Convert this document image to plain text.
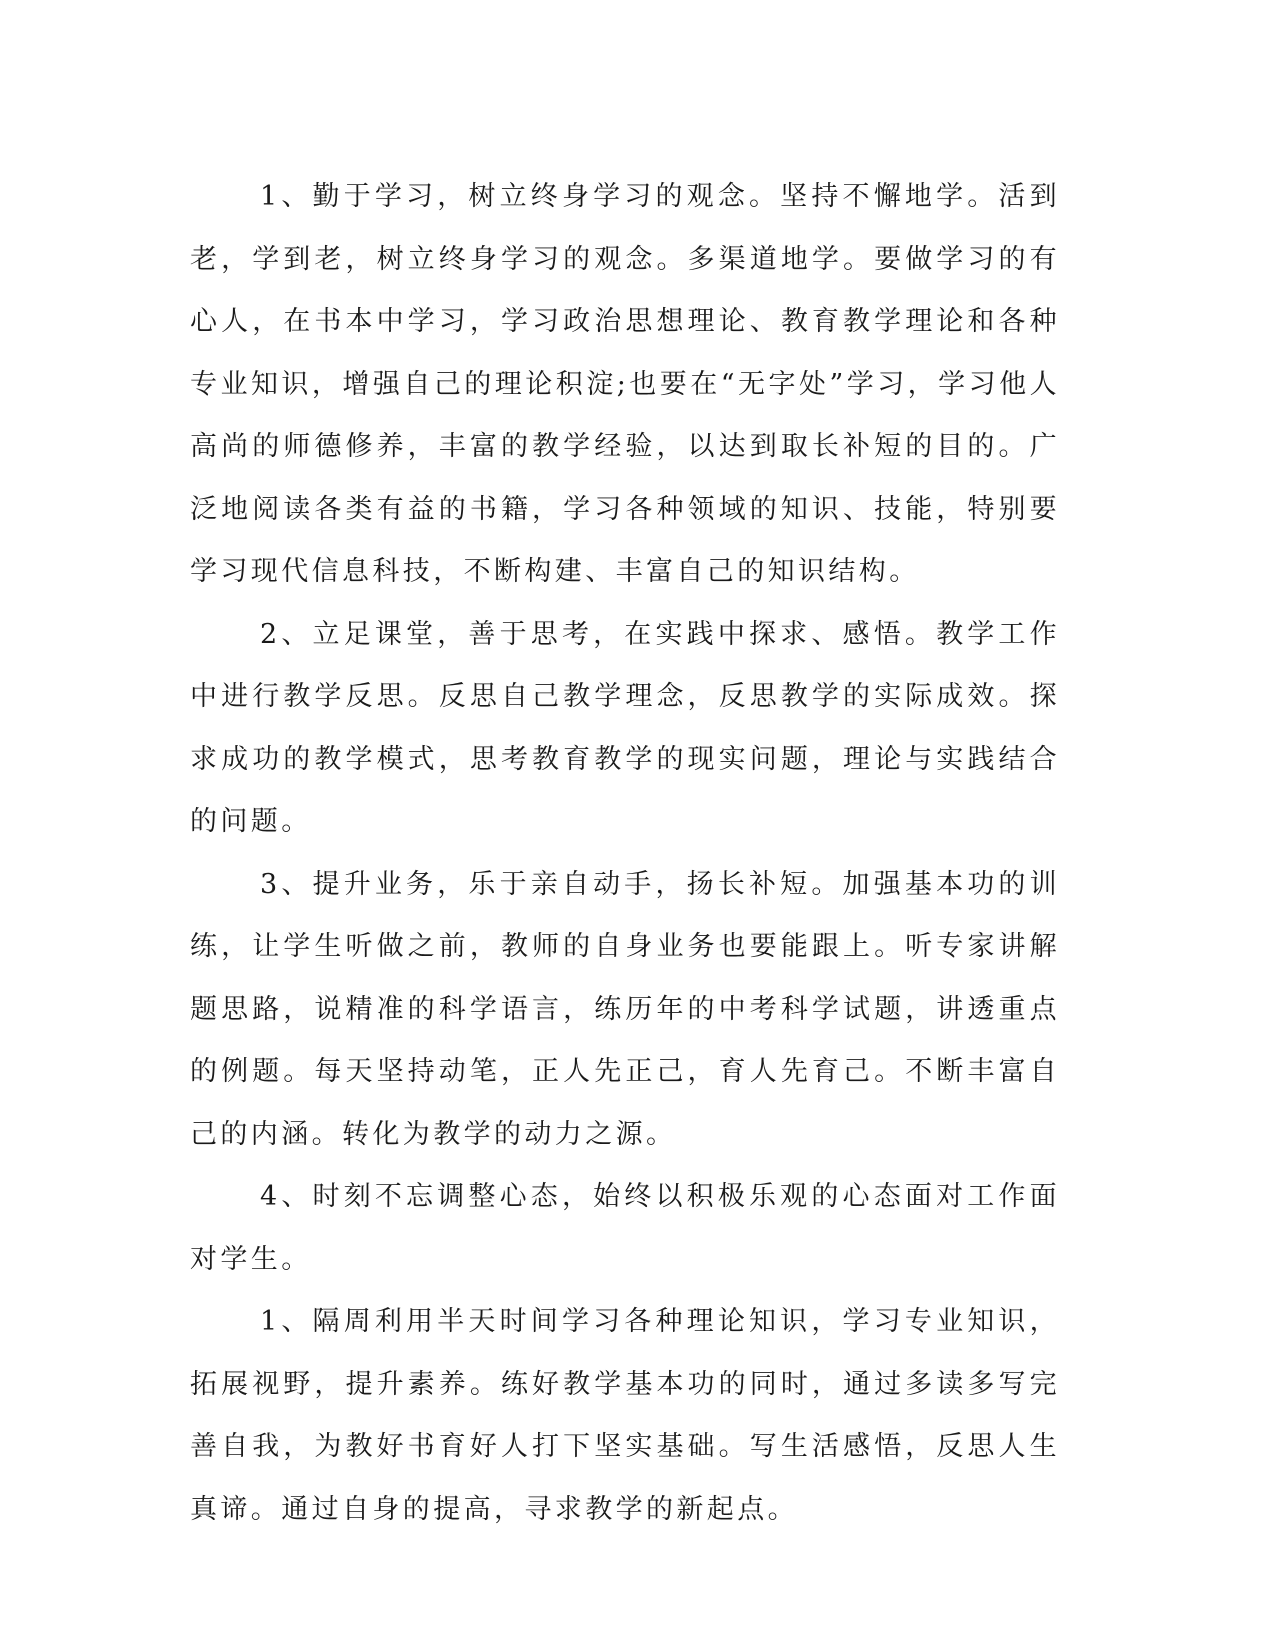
1、勤于学习，树立终身学习的观念。坚持不懈地学。活到老，学到老，树立终身学习的观念。多渠道地学。要做学习的有心人，在书本中学习，学习政治思想理论、教育教学理论和各种专业知识，增强自己的理论积淀;也要在“无字处”学习，学习他人高尚的师德修养，丰富的教学经验，以达到取长补短的目的。广泛地阅读各类有益的书籍，学习各种领域的知识、技能，特别要学习现代信息科技，不断构建、丰富自己的知识结构。

2、立足课堂，善于思考，在实践中探求、感悟。教学工作中进行教学反思。反思自己教学理念，反思教学的实际成效。探求成功的教学模式，思考教育教学的现实问题，理论与实践结合的问题。

3、提升业务，乐于亲自动手，扬长补短。加强基本功的训练，让学生听做之前，教师的自身业务也要能跟上。听专家讲解题思路，说精准的科学语言，练历年的中考科学试题，讲透重点的例题。每天坚持动笔，正人先正己，育人先育己。不断丰富自己的内涵。转化为教学的动力之源。

4、时刻不忘调整心态，始终以积极乐观的心态面对工作面对学生。

1、隔周利用半天时间学习各种理论知识，学习专业知识，拓展视野，提升素养。练好教学基本功的同时，通过多读多写完善自我，为教好书育好人打下坚实基础。写生活感悟，反思人生真谛。通过自身的提高，寻求教学的新起点。
